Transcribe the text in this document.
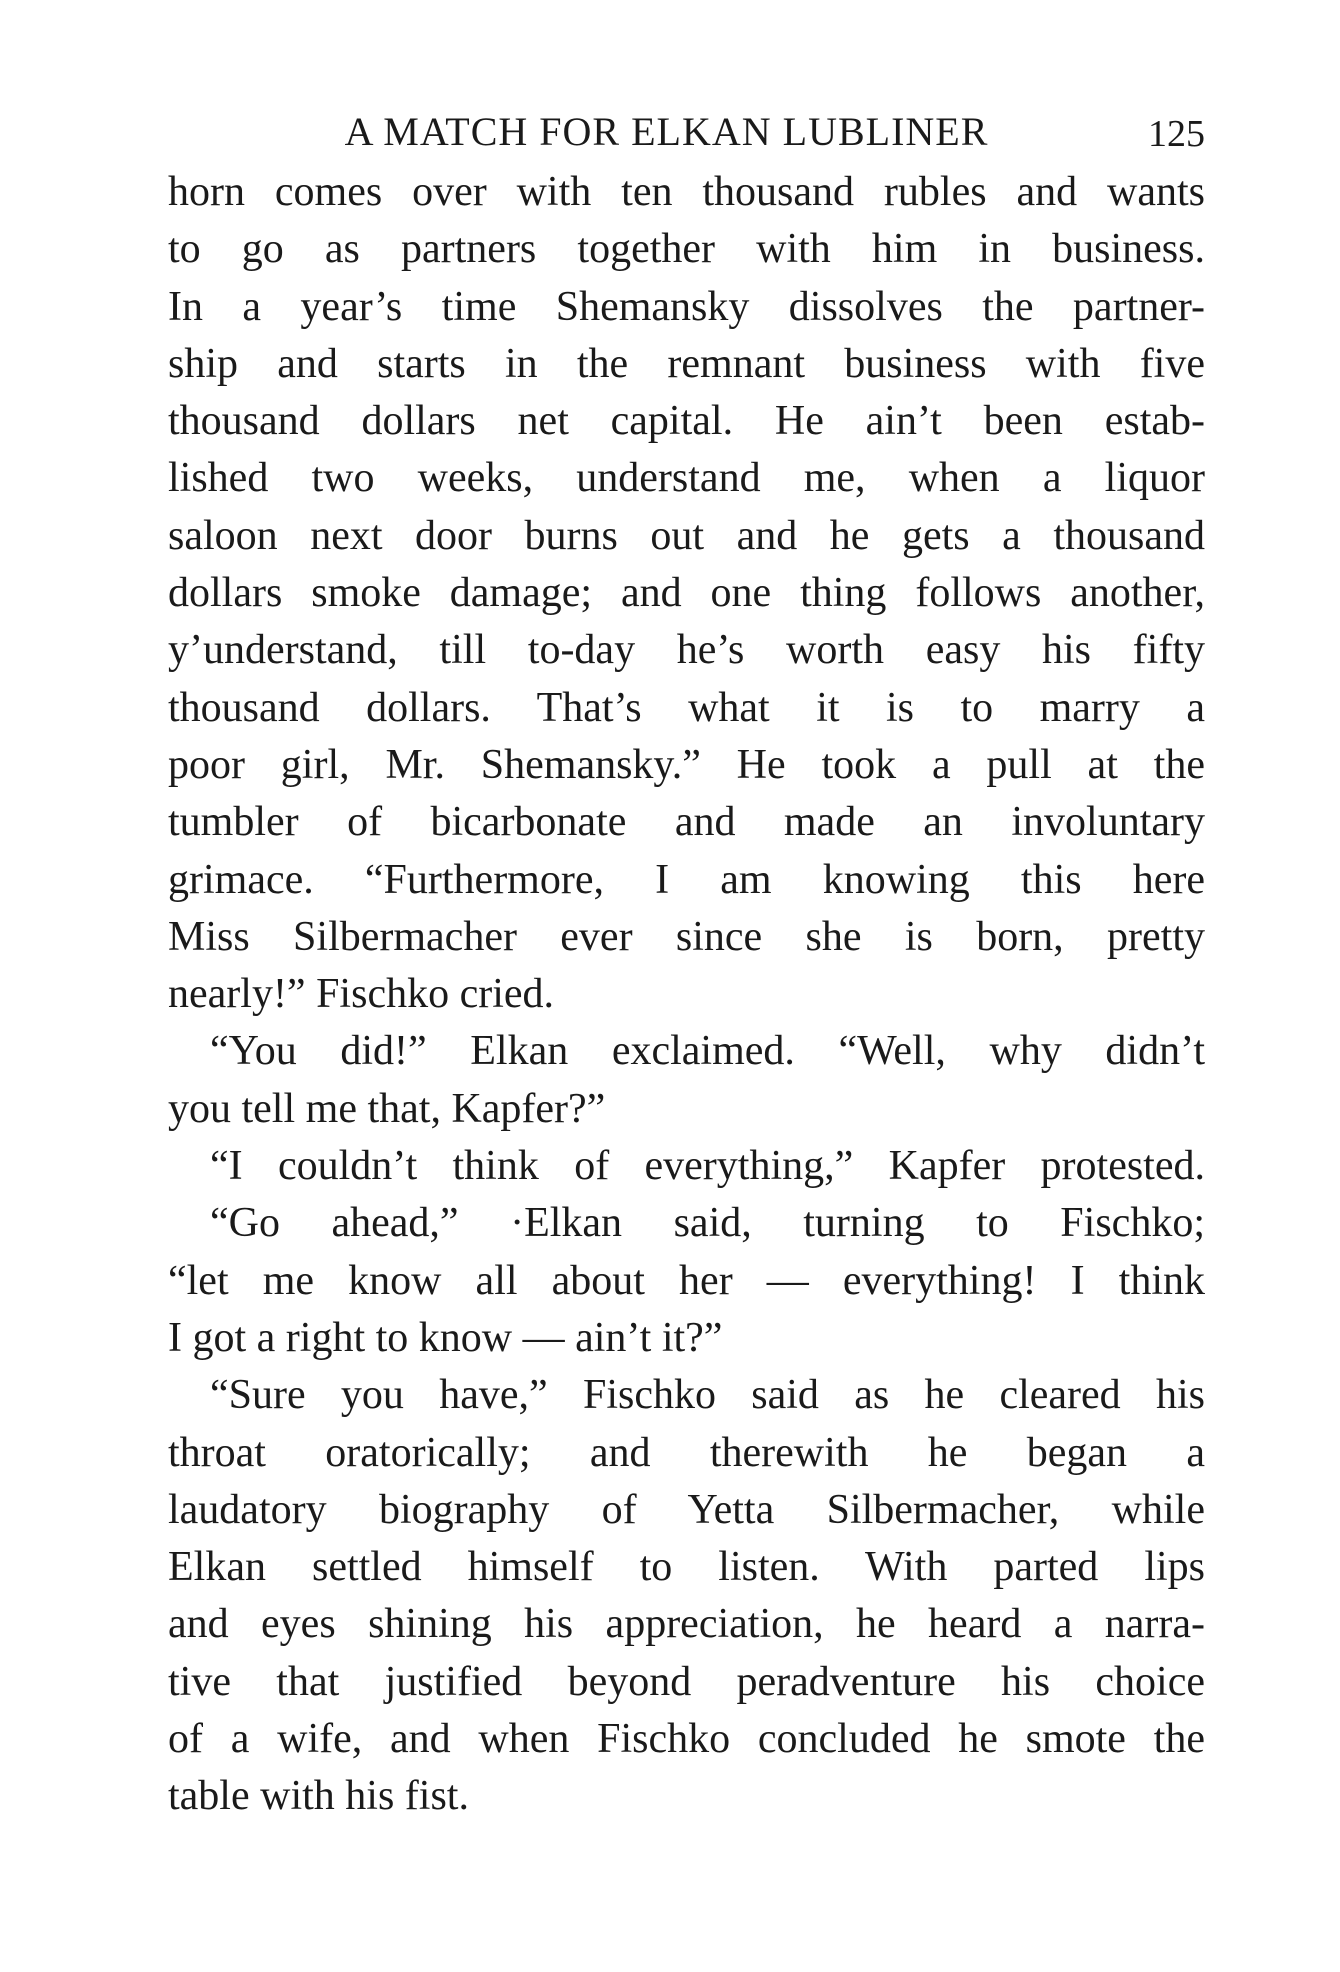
A MATCH FOR ELKAN LUBLINER	125
horn comes over with ten thousand rubles and wants
to go as partners together with him in business.
In a year’s time Shemansky dissolves the partner-
ship and starts in the remnant business with five
thousand dollars net capital. He ain’t been estab-
lished two weeks, understand me, when a liquor
saloon next door burns out and he gets a thousand
dollars smoke damage; and one thing follows another,
y’understand, till to-day he’s worth easy his fifty
thousand dollars. That’s what it is to marry a
poor girl, Mr. Shemansky.” He took a pull at the
tumbler of bicarbonate and made an involuntary
grimace. “Furthermore, I am knowing this here
Miss Silbermacher ever since she is born, pretty
nearly!” Fischko cried.
“You did!” Elkan exclaimed. “Well, why didn’t
you tell me that, Kapfer?”
“I couldn’t think of everything,” Kapfer protested.
“Go ahead,” ·Elkan said, turning to Fischko;
“let me know all about her — everything! I think
I got a right to know — ain’t it?”
“Sure you have,” Fischko said as he cleared his
throat oratorically; and therewith he began a
laudatory biography of Yetta Silbermacher, while
Elkan settled himself to listen. With parted lips
and eyes shining his appreciation, he heard a narra-
tive that justified beyond peradventure his choice
of a wife, and when Fischko concluded he smote the
table with his fist.
